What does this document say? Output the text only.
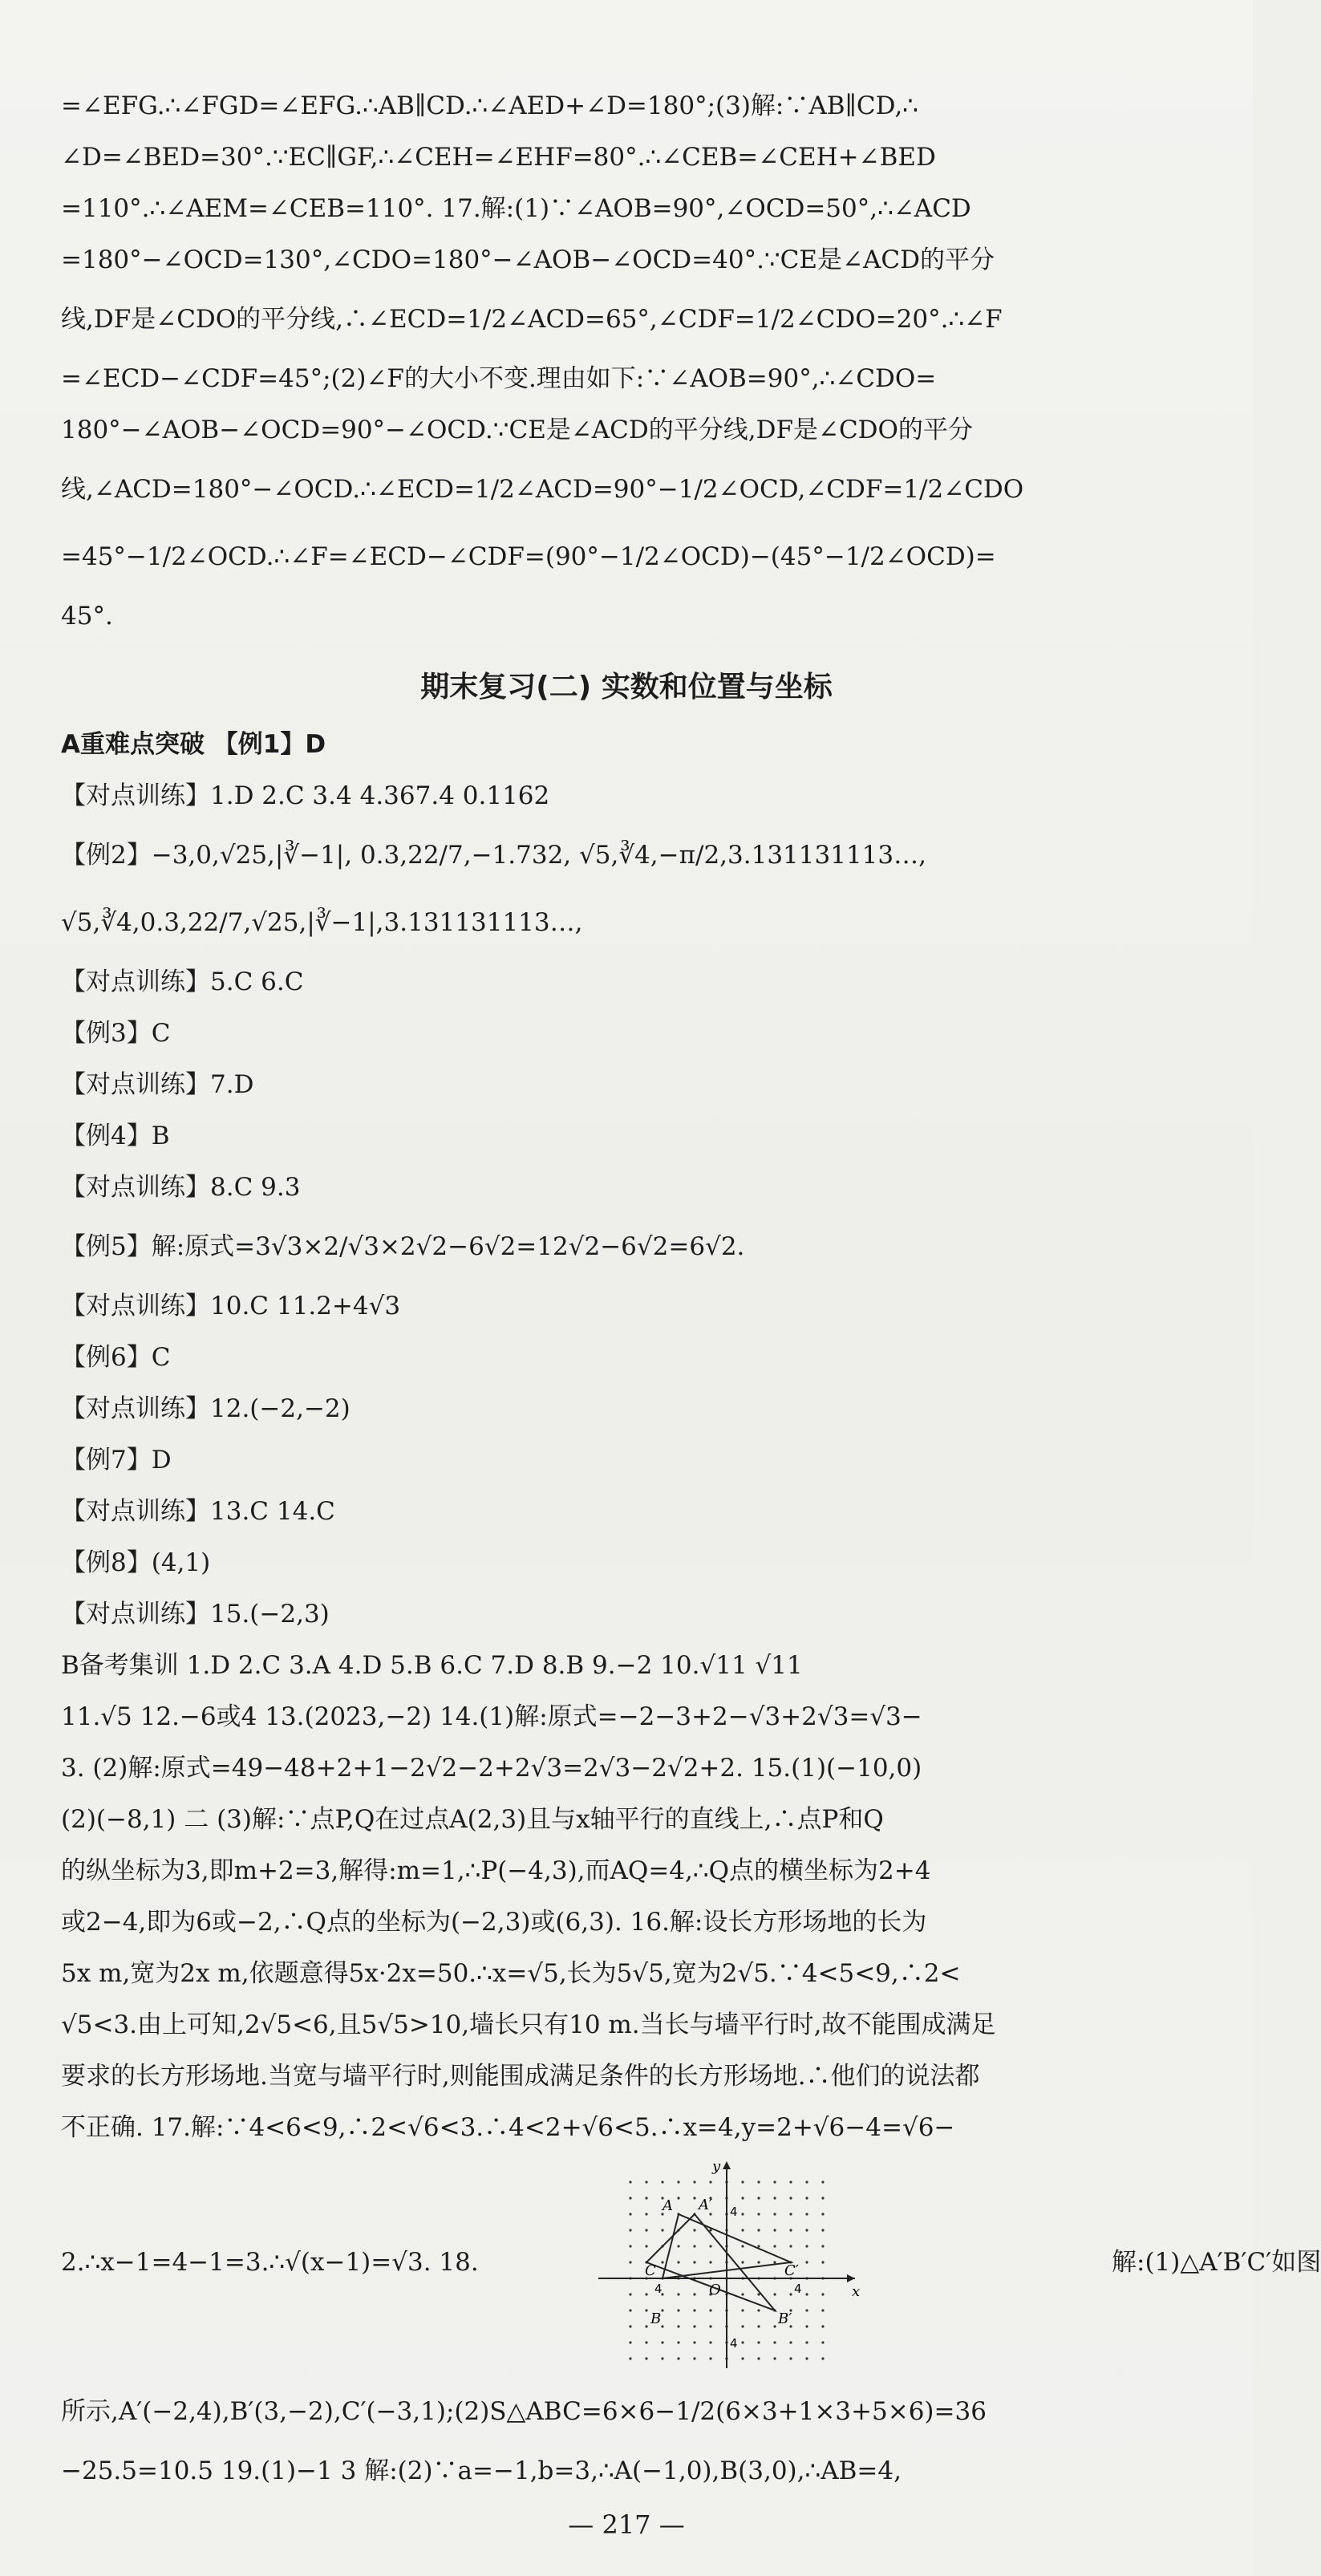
=∠EFG.∴∠FGD=∠EFG.∴AB∥CD.∴∠AED+∠D=180°;(3)解:∵AB∥CD,∴
∠D=∠BED=30°.∵EC∥GF,∴∠CEH=∠EHF=80°.∴∠CEB=∠CEH+∠BED
=110°.∴∠AEM=∠CEB=110°. 17.解:(1)∵∠AOB=90°,∠OCD=50°,∴∠ACD
=180°−∠OCD=130°,∠CDO=180°−∠AOB−∠OCD=40°.∵CE是∠ACD的平分
线,DF是∠CDO的平分线,∴∠ECD=1/2∠ACD=65°,∠CDF=1/2∠CDO=20°.∴∠F
=∠ECD−∠CDF=45°;(2)∠F的大小不变.理由如下:∵∠AOB=90°,∴∠CDO=
180°−∠AOB−∠OCD=90°−∠OCD.∵CE是∠ACD的平分线,DF是∠CDO的平分
线,∠ACD=180°−∠OCD.∴∠ECD=1/2∠ACD=90°−1/2∠OCD,∠CDF=1/2∠CDO
=45°−1/2∠OCD.∴∠F=∠ECD−∠CDF=(90°−1/2∠OCD)−(45°−1/2∠OCD)=
45°.
期末复习(二) 实数和位置与坐标
A重难点突破 【例1】D
【对点训练】1.D 2.C 3.4 4.367.4 0.1162
【例2】−3,0,√25,|∛−1|, 0.3,22/7,−1.732, √5,∛4,−π/2,3.131131113…,
√5,∛4,0.3,22/7,√25,|∛−1|,3.131131113…,
【对点训练】5.C 6.C
【例3】C
【对点训练】7.D
【例4】B
【对点训练】8.C 9.3
【例5】解:原式=3√3×2/√3×2√2−6√2=12√2−6√2=6√2.
【对点训练】10.C 11.2+4√3
【例6】C
【对点训练】12.(−2,−2)
【例7】D
【对点训练】13.C 14.C
【例8】(4,1)
【对点训练】15.(−2,3)
B备考集训 1.D 2.C 3.A 4.D 5.B 6.C 7.D 8.B 9.−2 10.√11 √11
11.√5 12.−6或4 13.(2023,−2) 14.(1)解:原式=−2−3+2−√3+2√3=√3−
3. (2)解:原式=49−48+2+1−2√2−2+2√3=2√3−2√2+2. 15.(1)(−10,0)
(2)(−8,1) 二 (3)解:∵点P,Q在过点A(2,3)且与x轴平行的直线上,∴点P和Q
的纵坐标为3,即m+2=3,解得:m=1,∴P(−4,3),而AQ=4,∴Q点的横坐标为2+4
或2−4,即为6或−2,∴Q点的坐标为(−2,3)或(6,3). 16.解:设长方形场地的长为
5x m,宽为2x m,依题意得5x·2x=50.∴x=√5,长为5√5,宽为2√5.∵4<5<9,∴2<
√5<3.由上可知,2√5<6,且5√5>10,墙长只有10 m.当长与墙平行时,故不能围成满足
要求的长方形场地.当宽与墙平行时,则能围成满足条件的长方形场地.∴他们的说法都
不正确. 17.解:∵4<6<9,∴2<√6<3.∴4<2+√6<5.∴x=4,y=2+√6−4=√6−
2.∴x−1=4−1=3.∴√(x−1)=√3. 18.
y
x
O
4
4
4	4
A A′
B	B′
C	C′	解:(1)△A′B′C′如图
所示,A′(−2,4),B′(3,−2),C′(−3,1);(2)S△ABC=6×6−1/2(6×3+1×3+5×6)=36
−25.5=10.5 19.(1)−1 3 解:(2)∵a=−1,b=3,∴A(−1,0),B(3,0),∴AB=4,
— 217 —
